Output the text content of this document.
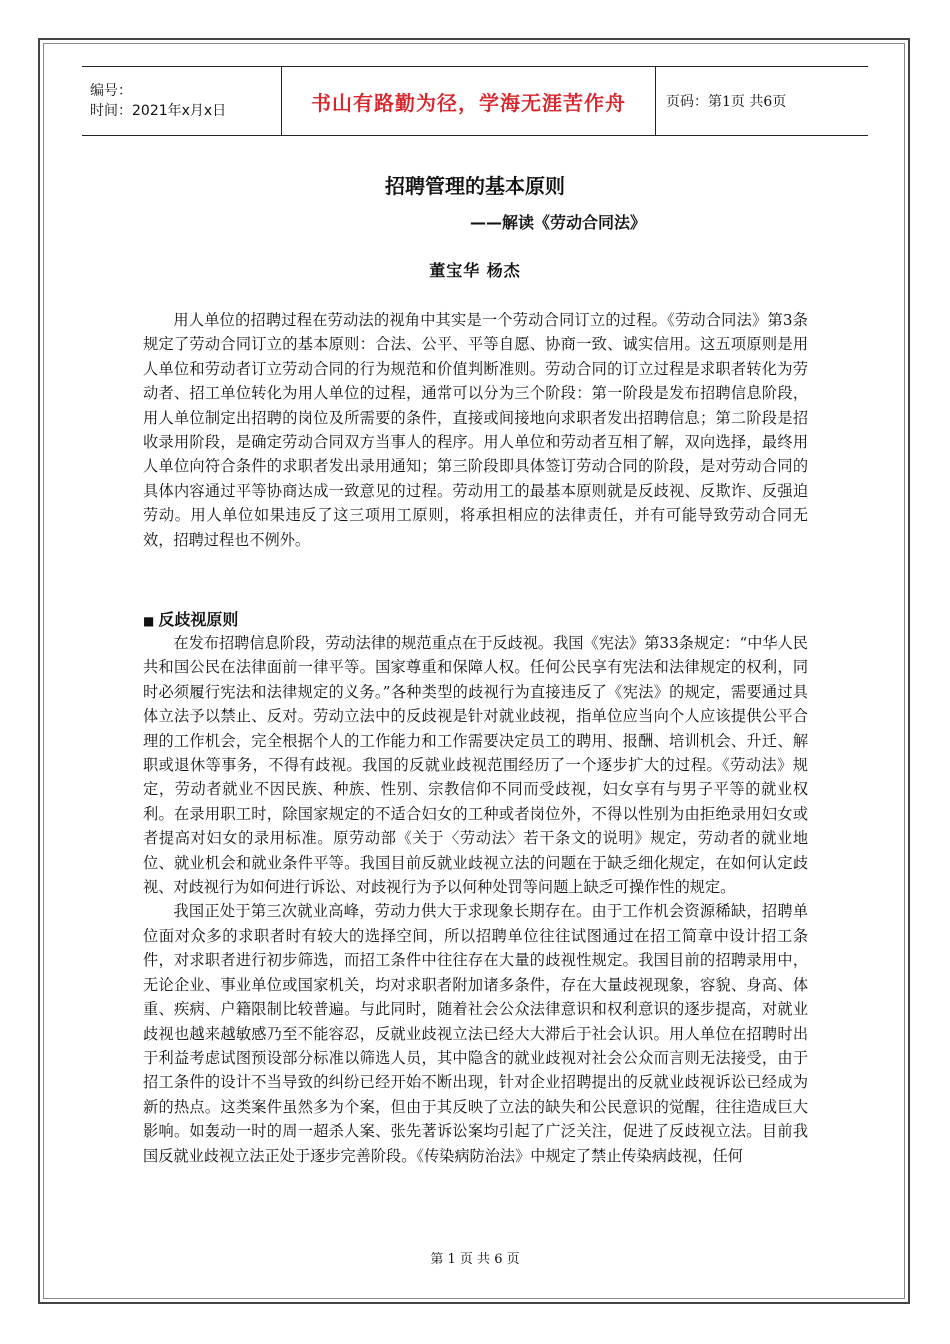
编号：
时间：2021年x月x日	书山有路勤为径，学海无涯苦作舟	页码：第1页 共6页
招聘管理的基本原则
——解读《劳动合同法》
董宝华 杨杰

用人单位的招聘过程在劳动法的视角中其实是一个劳动合同订立的过程。《劳动合同法》第3条规定了劳动合同订立的基本原则：合法、公平、平等自愿、协商一致、诚实信用。这五项原则是用人单位和劳动者订立劳动合同的行为规范和价值判断准则。劳动合同的订立过程是求职者转化为劳动者、招工单位转化为用人单位的过程，通常可以分为三个阶段：第一阶段是发布招聘信息阶段，用人单位制定出招聘的岗位及所需要的条件，直接或间接地向求职者发出招聘信息；第二阶段是招收录用阶段，是确定劳动合同双方当事人的程序。用人单位和劳动者互相了解，双向选择，最终用人单位向符合条件的求职者发出录用通知；第三阶段即具体签订劳动合同的阶段，是对劳动合同的具体内容通过平等协商达成一致意见的过程。劳动用工的最基本原则就是反歧视、反欺诈、反强迫劳动。用人单位如果违反了这三项用工原则，将承担相应的法律责任，并有可能导致劳动合同无效，招聘过程也不例外。

■ 反歧视原则

在发布招聘信息阶段，劳动法律的规范重点在于反歧视。我国《宪法》第33条规定：“中华人民共和国公民在法律面前一律平等。国家尊重和保障人权。任何公民享有宪法和法律规定的权利，同时必须履行宪法和法律规定的义务。”各种类型的歧视行为直接违反了《宪法》的规定，需要通过具体立法予以禁止、反对。劳动立法中的反歧视是针对就业歧视，指单位应当向个人应该提供公平合理的工作机会，完全根据个人的工作能力和工作需要决定员工的聘用、报酬、培训机会、升迁、解职或退休等事务，不得有歧视。我国的反就业歧视范围经历了一个逐步扩大的过程。《劳动法》规定，劳动者就业不因民族、种族、性别、宗教信仰不同而受歧视，妇女享有与男子平等的就业权利。在录用职工时，除国家规定的不适合妇女的工种或者岗位外，不得以性别为由拒绝录用妇女或者提高对妇女的录用标准。原劳动部《关于〈劳动法〉若干条文的说明》规定，劳动者的就业地位、就业机会和就业条件平等。我国目前反就业歧视立法的问题在于缺乏细化规定，在如何认定歧视、对歧视行为如何进行诉讼、对歧视行为予以何种处罚等问题上缺乏可操作性的规定。

我国正处于第三次就业高峰，劳动力供大于求现象长期存在。由于工作机会资源稀缺，招聘单位面对众多的求职者时有较大的选择空间，所以招聘单位往往试图通过在招工简章中设计招工条件，对求职者进行初步筛选，而招工条件中往往存在大量的歧视性规定。我国目前的招聘录用中，无论企业、事业单位或国家机关，均对求职者附加诸多条件，存在大量歧视现象，容貌、身高、体重、疾病、户籍限制比较普遍。与此同时，随着社会公众法律意识和权利意识的逐步提高，对就业歧视也越来越敏感乃至不能容忍，反就业歧视立法已经大大滞后于社会认识。用人单位在招聘时出于利益考虑试图预设部分标准以筛选人员，其中隐含的就业歧视对社会公众而言则无法接受，由于招工条件的设计不当导致的纠纷已经开始不断出现，针对企业招聘提出的反就业歧视诉讼已经成为新的热点。这类案件虽然多为个案，但由于其反映了立法的缺失和公民意识的觉醒，往往造成巨大影响。如轰动一时的周一超杀人案、张先著诉讼案均引起了广泛关注，促进了反歧视立法。目前我国反就业歧视立法正处于逐步完善阶段。《传染病防治法》中规定了禁止传染病歧视，任何

第 1 页 共 6 页
